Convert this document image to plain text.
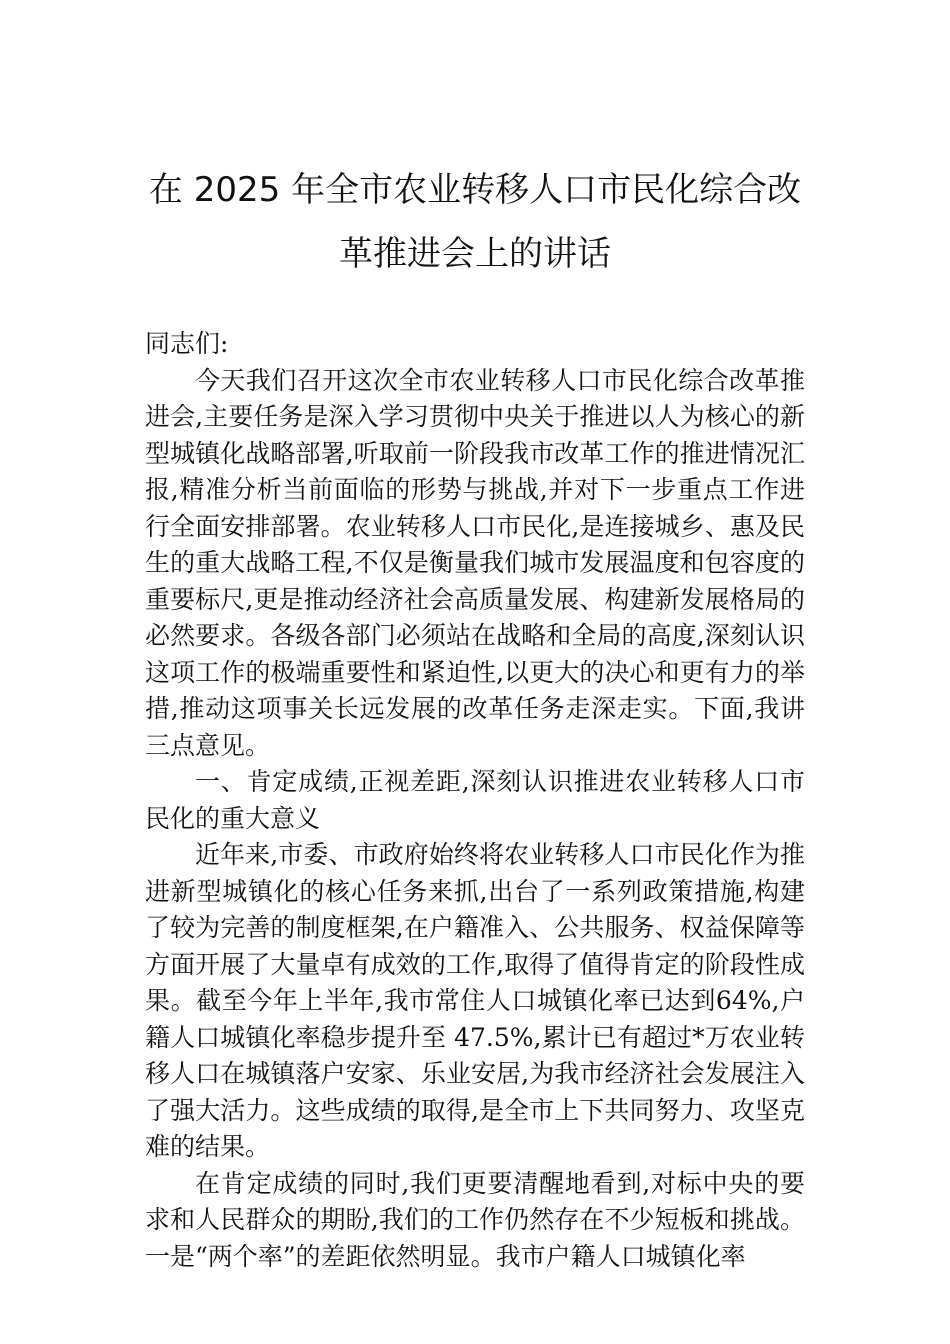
在 2025 年全市农业转移人口市民化综合改
革推进会上的讲话

同志们:

今天我们召开这次全市农业转移人口市民化综合改革推进会,主要任务是深入学习贯彻中央关于推进以人为核心的新型城镇化战略部署,听取前一阶段我市改革工作的推进情况汇报,精准分析当前面临的形势与挑战,并对下一步重点工作进行全面安排部署。农业转移人口市民化,是连接城乡、惠及民生的重大战略工程,不仅是衡量我们城市发展温度和包容度的重要标尺,更是推动经济社会高质量发展、构建新发展格局的必然要求。各级各部门必须站在战略和全局的高度,深刻认识这项工作的极端重要性和紧迫性,以更大的决心和更有力的举措,推动这项事关长远发展的改革任务走深走实。下面,我讲三点意见。

一、肯定成绩,正视差距,深刻认识推进农业转移人口市民化的重大意义

近年来,市委、市政府始终将农业转移人口市民化作为推进新型城镇化的核心任务来抓,出台了一系列政策措施,构建了较为完善的制度框架,在户籍准入、公共服务、权益保障等方面开展了大量卓有成效的工作,取得了值得肯定的阶段性成果。截至今年上半年,我市常住人口城镇化率已达到64%,户籍人口城镇化率稳步提升至 47.5%,累计已有超过*万农业转移人口在城镇落户安家、乐业安居,为我市经济社会发展注入了强大活力。这些成绩的取得,是全市上下共同努力、攻坚克难的结果。

在肯定成绩的同时,我们更要清醒地看到,对标中央的要求和人民群众的期盼,我们的工作仍然存在不少短板和挑战。一是“两个率”的差距依然明显。我市户籍人口城镇化率
